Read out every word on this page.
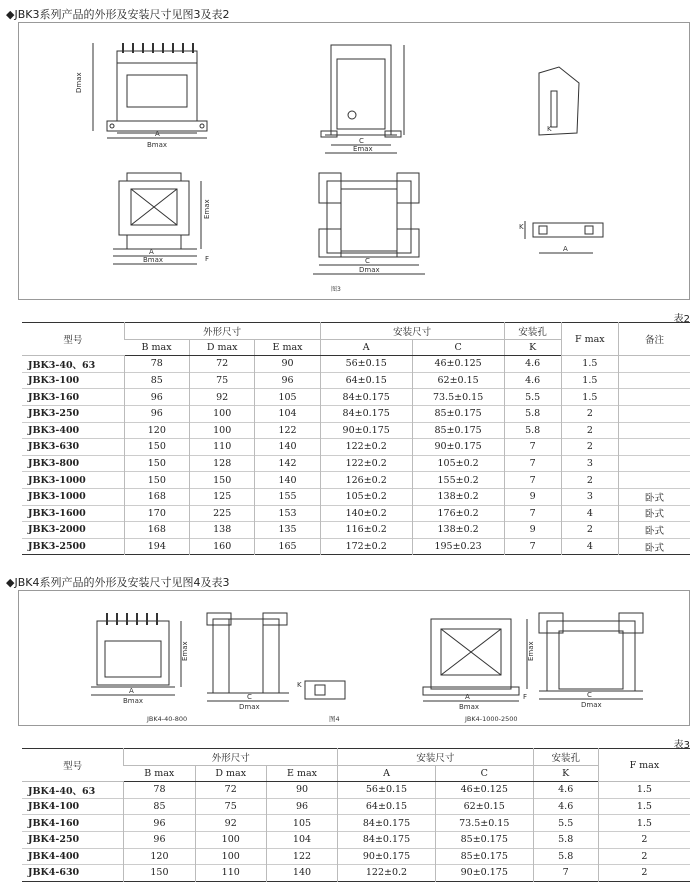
◆JBK3系列产品的外形及安装尺寸见图3及表2
Dmax
A
Bmax	C
Emax
K
Emax
F
A
Bmax	C
Dmax
K
A
图3
表2
型号	外形尺寸			安装尺寸		安装孔	F max	备注
	B max	D max	E max	A	C	K		
JBK3-40、63	78	72	90	56±0.15	46±0.125	4.6	1.5	
JBK3-100	85	75	96	64±0.15	62±0.15	4.6	1.5	
JBK3-160	96	92	105	84±0.175	73.5±0.15	5.5	1.5	
JBK3-250	96	100	104	84±0.175	85±0.175	5.8	2	
JBK3-400	120	100	122	90±0.175	85±0.175	5.8	2	
JBK3-630	150	110	140	122±0.2	90±0.175	7	2	
JBK3-800	150	128	142	122±0.2	105±0.2	7	3	
JBK3-1000	150	150	140	126±0.2	155±0.2	7	2	
JBK3-1000	168	125	155	105±0.2	138±0.2	9	3	卧式
JBK3-1600	170	225	153	140±0.2	176±0.2	7	4	卧式
JBK3-2000	168	138	135	116±0.2	138±0.2	9	2	卧式
JBK3-2500	194	160	165	172±0.2	195±0.23	7	4	卧式
◆JBK4系列产品的外形及安装尺寸见图4及表3
Emax
A
Bmax	C
Dmax
K
Emax
A
Bmax
F	C
Dmax
JBK4-40-800	图4	JBK4-1000-2500
表3
型号	外形尺寸			安装尺寸		安装孔	F max
	B max	D max	E max	A	C	K	
JBK4-40、63	78	72	90	56±0.15	46±0.125	4.6	1.5
JBK4-100	85	75	96	64±0.15	62±0.15	4.6	1.5
JBK4-160	96	92	105	84±0.175	73.5±0.15	5.5	1.5
JBK4-250	96	100	104	84±0.175	85±0.175	5.8	2
JBK4-400	120	100	122	90±0.175	85±0.175	5.8	2
JBK4-630	150	110	140	122±0.2	90±0.175	7	2
